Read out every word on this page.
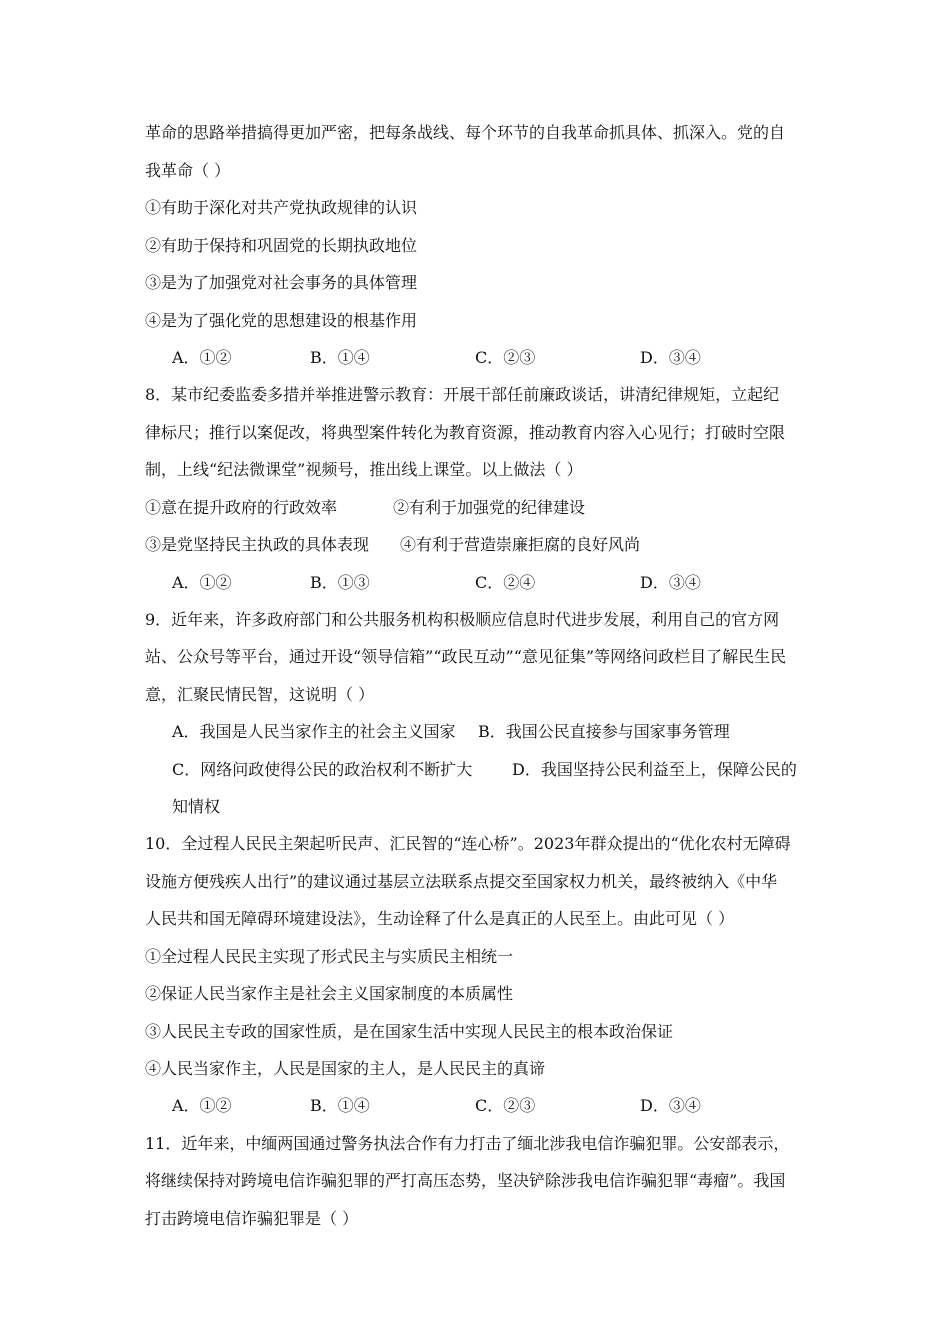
革命的思路举措搞得更加严密，把每条战线、每个环节的自我革命抓具体、抓深入。党的自
我革命（ ）
①有助于深化对共产党执政规律的认识
②有助于保持和巩固党的长期执政地位
③是为了加强党对社会事务的具体管理
④是为了强化党的思想建设的根基作用
A．①②	B．①④	C．②③	D．③④
8．某市纪委监委多措并举推进警示教育：开展干部任前廉政谈话，讲清纪律规矩，立起纪
律标尺；推行以案促改，将典型案件转化为教育资源，推动教育内容入心见行；打破时空限
制，上线“纪法微课堂”视频号，推出线上课堂。以上做法（ ）
①意在提升政府的行政效率	②有利于加强党的纪律建设
③是党坚持民主执政的具体表现 ④有利于营造崇廉拒腐的良好风尚
A．①②	B．①③	C．②④	D．③④
9．近年来，许多政府部门和公共服务机构积极顺应信息时代进步发展，利用自己的官方网
站、公众号等平台，通过开设“领导信箱”“政民互动”“意见征集”等网络问政栏目了解民生民
意，汇聚民情民智，这说明（ ）
A．我国是人民当家作主的社会主义国家 B．我国公民直接参与国家事务管理
C．网络问政使得公民的政治权利不断扩大 D．我国坚持公民利益至上，保障公民的
知情权
10．全过程人民民主架起听民声、汇民智的“连心桥”。2023年群众提出的“优化农村无障碍
设施方便残疾人出行”的建议通过基层立法联系点提交至国家权力机关，最终被纳入《中华
人民共和国无障碍环境建设法》，生动诠释了什么是真正的人民至上。由此可见（ ）
①全过程人民民主实现了形式民主与实质民主相统一
②保证人民当家作主是社会主义国家制度的本质属性
③人民民主专政的国家性质，是在国家生活中实现人民民主的根本政治保证
④人民当家作主，人民是国家的主人，是人民民主的真谛
A．①②	B．①④	C．②③	D．③④
11．近年来，中缅两国通过警务执法合作有力打击了缅北涉我电信诈骗犯罪。公安部表示，
将继续保持对跨境电信诈骗犯罪的严打高压态势，坚决铲除涉我电信诈骗犯罪“毒瘤”。我国
打击跨境电信诈骗犯罪是（ ）
